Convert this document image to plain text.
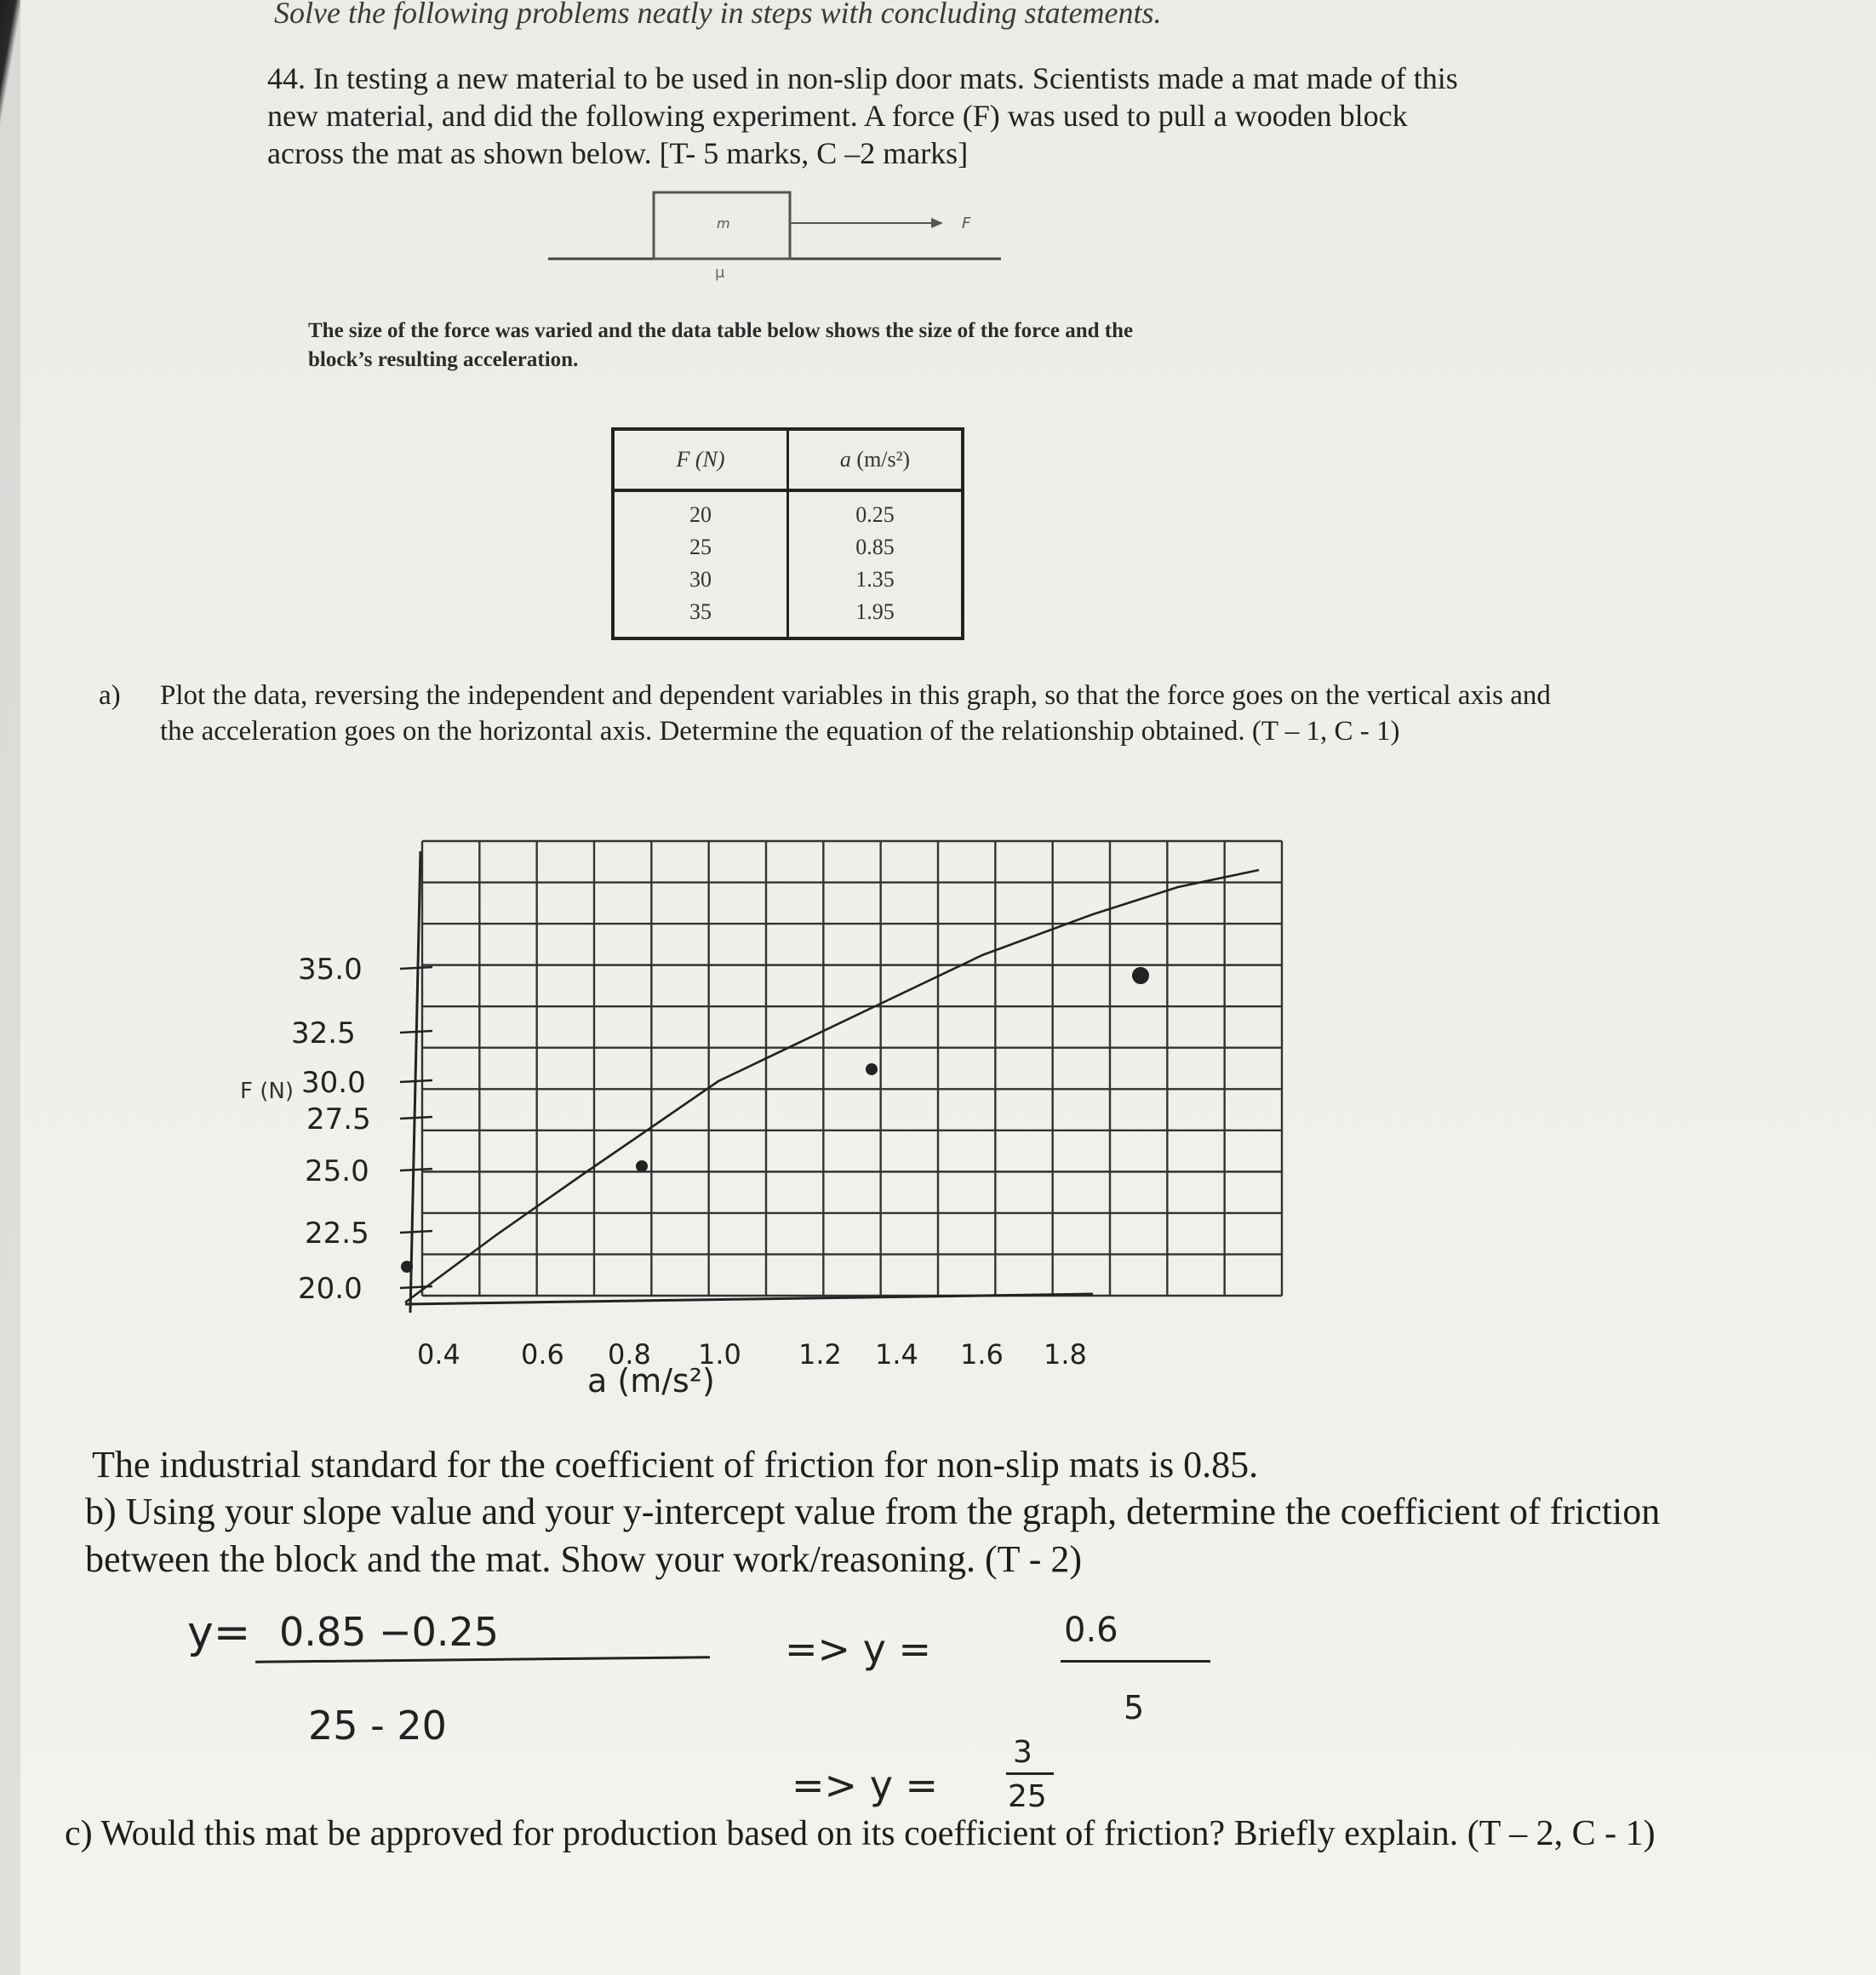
Solve the following problems neatly in steps with concluding statements.
44. In testing a new material to be used in non-slip door mats. Scientists made a mat made of this
new material, and did the following experiment. A force (F) was used to pull a wooden block
across the mat as shown below. [T- 5 marks, C –2 marks]
m	F
μ
The size of the force was varied and the data table below shows the size of the force and the
block’s resulting acceleration.
F (N)	a (m/s²)
20	0.25
25	0.85
30	1.35
35	1.95
a) Plot the data, reversing the independent and dependent variables in this graph, so that the force goes on the vertical axis and
the acceleration goes on the horizontal axis. Determine the equation of the relationship obtained. (T – 1, C - 1)
35.0
32.5
30.0
27.5
25.0
22.5
20.0
0.4 0.6 0.8 1.0 1.2 1.4 1.6 1.8
F (N)
a (m/s²)
The industrial standard for the coefficient of friction for non-slip mats is 0.85.
b) Using your slope value and your y-intercept value from the graph, determine the coefficient of friction
between the block and the mat. Show your work/reasoning. (T - 2)
y= 0.85 −0.25
25 - 20
=> y =	0.6
5
=> y =
3
25
c) Would this mat be approved for production based on its coefficient of friction? Briefly explain. (T – 2, C - 1)
